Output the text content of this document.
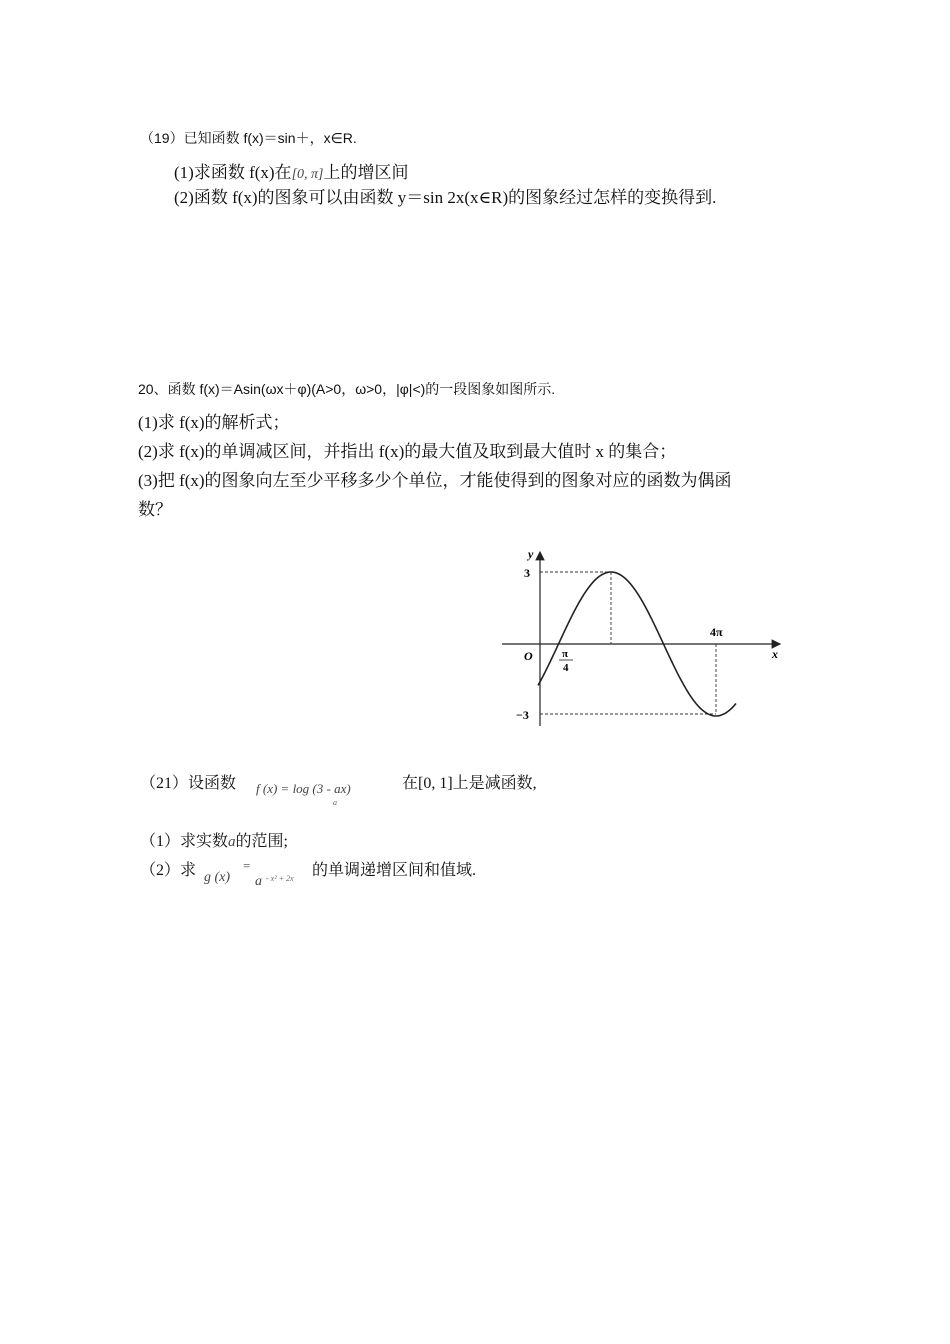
（19）已知函数 f(x)＝sin＋，x∈R.
(1)求函数 f(x)在[0, π]上的增区间
(2)函数 f(x)的图象可以由函数 y＝sin 2x(x∈R)的图象经过怎样的变换得到.
20、函数 f(x)＝Asin(ωx＋φ)(A>0，ω>0，|φ|<)的一段图象如图所示.
(1)求 f(x)的解析式；
(2)求 f(x)的单调减区间，并指出 f(x)的最大值及取到最大值时 x 的集合；
(3)把 f(x)的图象向左至少平移多少个单位，才能使得到的图象对应的函数为偶函
数？
y
x
O
3
−3
π
4
4π
（21）设函数 f (x) = log (3 - ax)
a
在[0, 1]上是减函数,
（1）求实数a的范围;
（2）求 g (x)
=
a - x² + 2x 的单调递增区间和值域.
